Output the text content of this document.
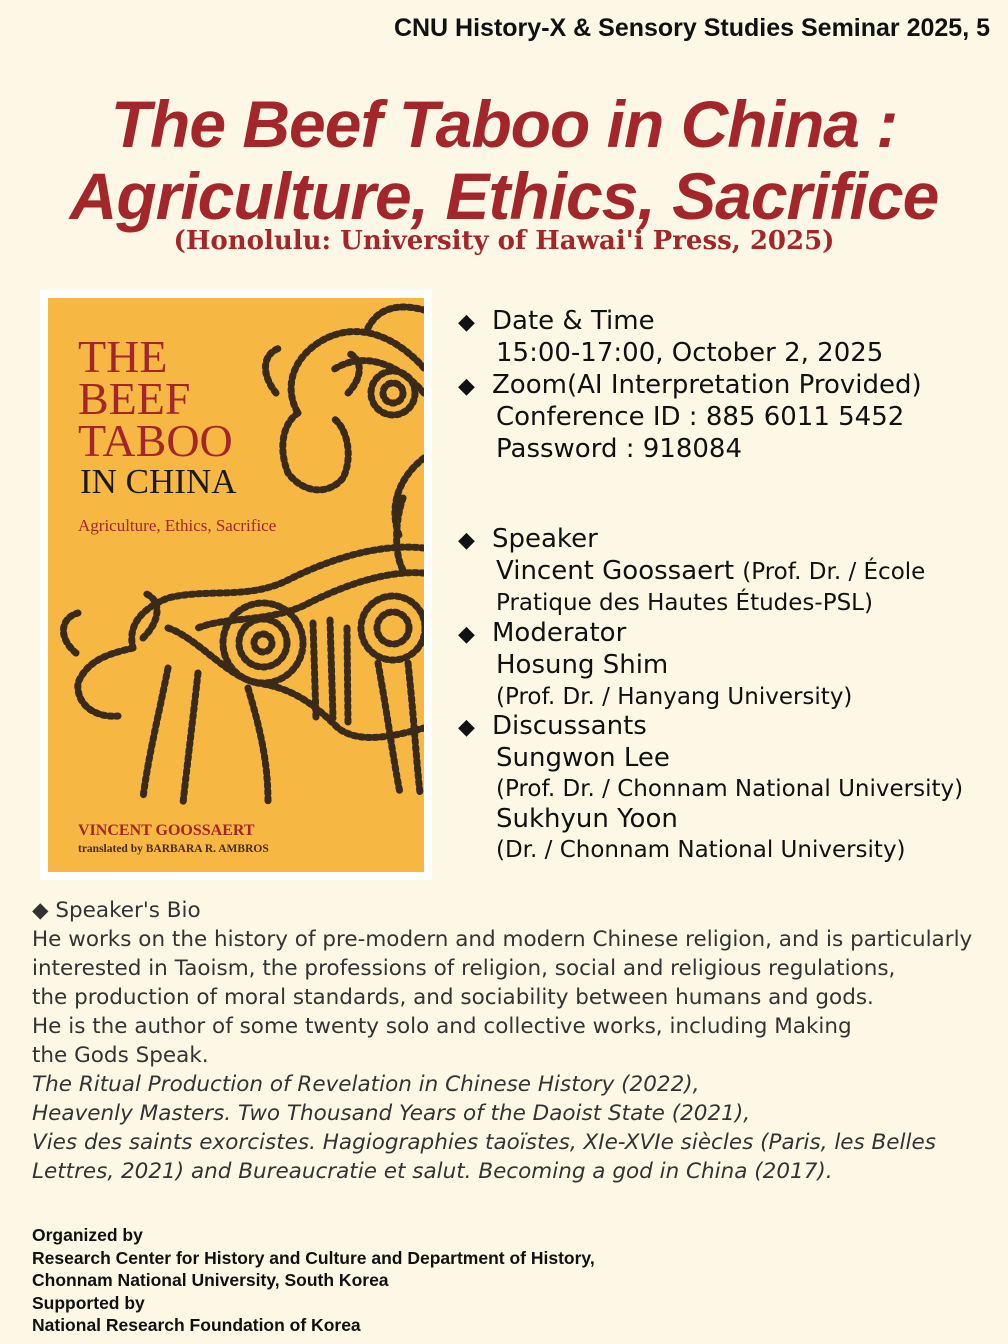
CNU History-X & Sensory Studies Seminar 2025, 5
The Beef Taboo in China :
Agriculture, Ethics, Sacrifice
(Honolulu: University of Hawai'i Press, 2025)
THE
BEEF
TABOO
IN CHINA
Agriculture, Ethics, Sacrifice
VINCENT GOOSSAERT
translated by BARBARA R. AMBROS
◆ Date & Time
15:00-17:00, October 2, 2025
◆ Zoom(AI Interpretation Provided)
Conference ID : 885 6011 5452
Password : 918084
◆ Speaker
Vincent Goossaert (Prof. Dr. / École
Pratique des Hautes Études-PSL)
◆ Moderator
Hosung Shim
(Prof. Dr. / Hanyang University)
◆ Discussants
Sungwon Lee
(Prof. Dr. / Chonnam National University)
Sukhyun Yoon
(Dr. / Chonnam National University)
◆ Speaker's Bio
He works on the history of pre-modern and modern Chinese religion, and is particularly
interested in Taoism, the professions of religion, social and religious regulations,
the production of moral standards, and sociability between humans and gods.
He is the author of some twenty solo and collective works, including Making
the Gods Speak.
The Ritual Production of Revelation in Chinese History (2022),
Heavenly Masters. Two Thousand Years of the Daoist State (2021),
Vies des saints exorcistes. Hagiographies taoïstes, XIe-XVIe siècles (Paris, les Belles
Lettres, 2021) and Bureaucratie et salut. Becoming a god in China (2017).
Organized by
Research Center for History and Culture and Department of History,
Chonnam National University, South Korea
Supported by
National Research Foundation of Korea
